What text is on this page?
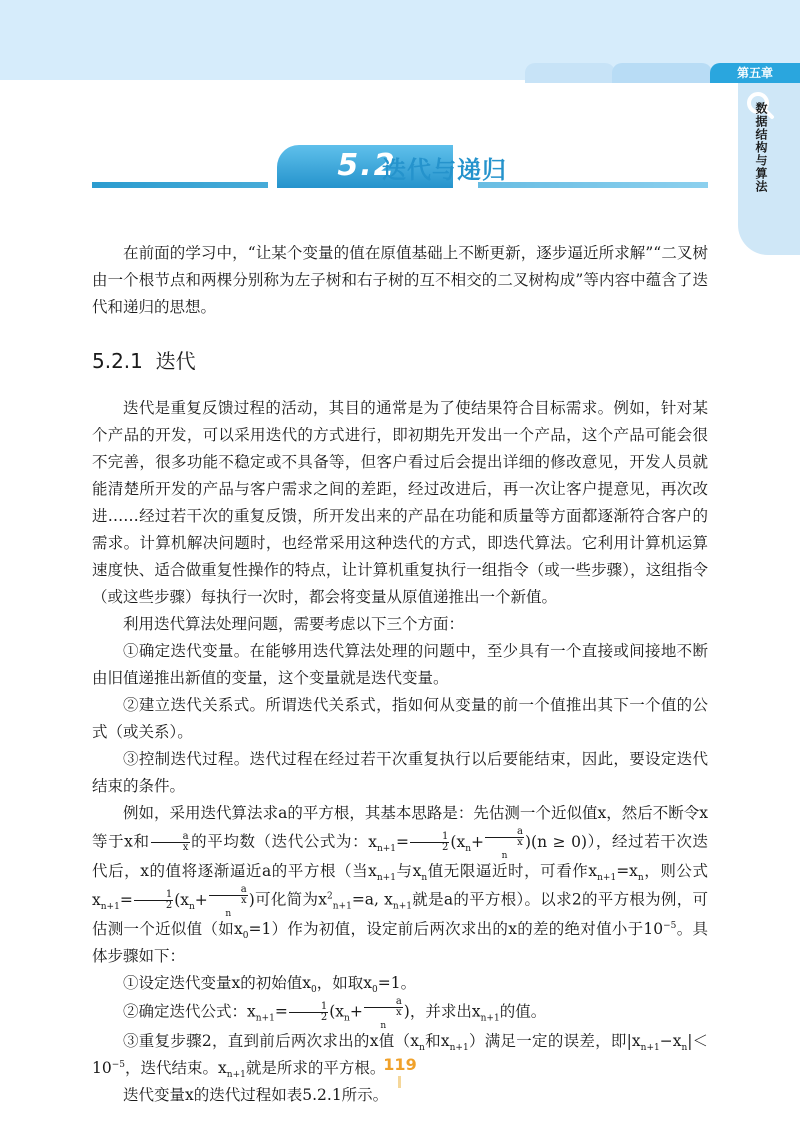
第五章
数据结构与算法
5.2
迭代与递归

在前面的学习中，“让某个变量的值在原值基础上不断更新，逐步逼近所求解”“二叉树由一个根节点和两棵分别称为左子树和右子树的互不相交的二叉树构成”等内容中蕴含了迭代和递归的思想。

5.2.1 迭代

迭代是重复反馈过程的活动，其目的通常是为了使结果符合目标需求。例如，针对某个产品的开发，可以采用迭代的方式进行，即初期先开发出一个产品，这个产品可能会很不完善，很多功能不稳定或不具备等，但客户看过后会提出详细的修改意见，开发人员就能清楚所开发的产品与客户需求之间的差距，经过改进后，再一次让客户提意见，再次改进……经过若干次的重复反馈，所开发出来的产品在功能和质量等方面都逐渐符合客户的需求。计算机解决问题时，也经常采用这种迭代的方式，即迭代算法。它利用计算机运算速度快、适合做重复性操作的特点，让计算机重复执行一组指令（或一些步骤），这组指令（或这些步骤）每执行一次时，都会将变量从原值递推出一个新值。

利用迭代算法处理问题，需要考虑以下三个方面：

①确定迭代变量。在能够用迭代算法处理的问题中，至少具有一个直接或间接地不断由旧值递推出新值的变量，这个变量就是迭代变量。

②建立迭代关系式。所谓迭代关系式，指如何从变量的前一个值推出其下一个值的公式（或关系）。

③控制迭代过程。迭代过程在经过若干次重复执行以后要能结束，因此，要设定迭代结束的条件。

例如，采用迭代算法求a的平方根，其基本思路是：先估测一个近似值x，然后不断令x等于x和 $\frac{a}{x}$ 的平均数（迭代公式为：$x_{n+1}= \frac{1}{2} (x_n+ a$
x
$_n$ )(n ≥ 0)），经过若干次迭代后，x的值将逐渐逼近a的平方根（当$x_{n+1}$与$x_n$值无限逼近时，可看作$x_{n+1}=x_n$，则公式$x_{n+1}= \frac{1}{2} (x_n+ a$
x
$_n$ )可化简为$x^2_{n+1}=a$, $x_{n+1}$就是a的平方根）。以求2的平方根为例，可估测一个近似值（如$x_0=1$）作为初值，设定前后两次求出的x的差的绝对值小于$10^{-5}$。具体步骤如下：

①设定迭代变量x的初始值$x_0$，如取$x_0=1$。

②确定迭代公式：$x_{n+1}= \frac{1}{2} (x_n+ a$
x
$_n$ )，并求出$x_{n+1}$的值。

③重复步骤2，直到前后两次求出的x值（$x_n$和$x_{n+1}$）满足一定的误差，即$|x_{n+1}-x_n|<10^{-5}$，迭代结束。$x_{n+1}$就是所求的平方根。

迭代变量x的迭代过程如表5.2.1所示。

119
